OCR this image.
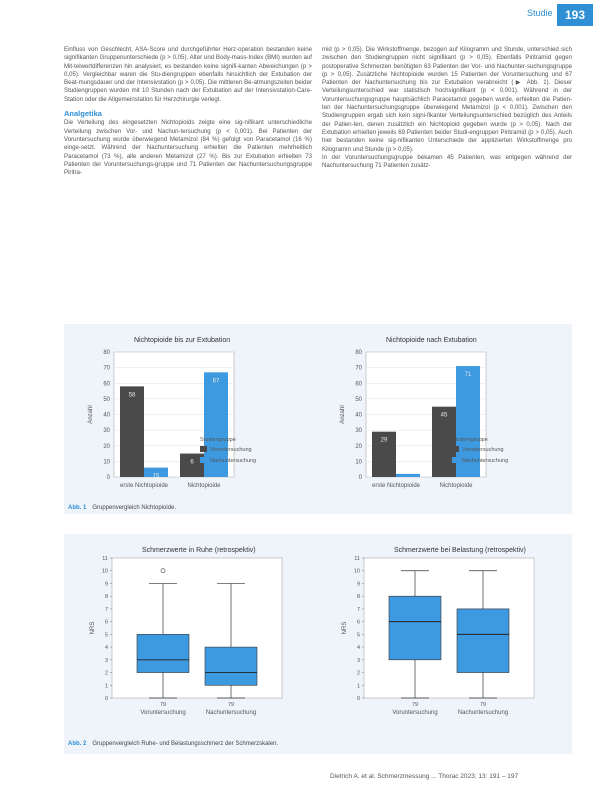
Studie	193

Einfluss von Geschlecht, ASA-Score und durchgeführter Herz-operation bestanden keine signifikanten Gruppenunterschiede (p > 0,05). Alter und Body-mass-Index (BMI) wurden auf Mit-telwertdifferenzen hin analysiert, es bestanden keine signifi-kanten Abweichungen (p > 0,05). Vergleichbar waren die Stu-diengruppen ebenfalls hinsichtlich der Extubation der Beat-mungsdauer und der Intensivstation (p > 0,05). Die mittleren Be-atmungszeiten beider Studiengruppen wurden mit 10 Stunden nach der Extubation auf der Intensivstation-Care-Station oder die Allgemeinstation für Herzchirurgie verlegt.

Analgetika

Die Verteilung des eingesetzten Nichtopioids zeigte eine sig-nifikant unterschiedliche Verteilung zwischen Vor- und Nachun-tersuchung (p < 0,001). Bei Patienten der Voruntersuchung wurde überwiegend Metamizol (84 %) gefolgt von Paracetamol (16 %) einge-setzt. Während der Nachuntersuchung erhielten die Patienten mehrheitlich Paracetamol (73 %), alle anderen Metamizol (27 %). Bis zur Extubation erhielten 73 Patienten der Voruntersuchungs-gruppe und 71 Patienten der Nachuntersuchungsgruppe Piritra-

mid (p > 0,05). Die Wirkstoffmenge, bezogen auf Kilogramm und Stunde, unterschied sich zwischen den Studiengruppen nicht signifikant (p > 0,05). Ebenfalls Piritramid gegen postoperative Schmerzen benötigten 63 Patienten der Vor- und Nachunter-suchungsgruppe (p > 0,05). Zusätzliche Nichtopioide wurden 15 Patienten der Voruntersuchung und 67 Patienten der Nachuntersuchung bis zur Extubation verabreicht (▶ Abb. 1). Dieser Verteilungsunterschied war statistisch hochsignifikant (p < 0,001). Während in der Voruntersuchungsgruppe hauptsächlich Paracetamol gegeben wurde, erhielten die Patien-ten der Nachuntersuchungsgruppe überwiegend Metamizol (p < 0,001). Zwischen den Studiengruppen ergab sich kein signi-fikanter Verteilungsunterschied bezüglich des Anteils der Patien-ten, denen zusätzlich ein Nichtopioid gegeben wurde (p > 0,05). Nach der Extubation erhielten jeweils 69 Patienten beider Studi-engruppen Piritramid (p > 0,05). Auch hier bestanden keine sig-nifikanten Unterschiede der applizierten Wirkstoffmenge pro Kilogramm und Stunde (p > 0,05).

In der Voruntersuchungsgruppe bekamen 45 Patienten, was entgegen während der Nachuntersuchung 71 Patienten zusätz-

Nichtopioide bis zur Extubation
0
10
20
30
40
50
60
70
80
Anzahl
58
15
erste Nichtopioide
6
67
Nichtopioide
Studiengruppe
Voruntersuchung
Nachuntersuchung
Nichtopioide nach Extubation
0
10
20
30
40
50
60
70
80
Anzahl
29
erste Nichtopioide
45
71
Nichtopioide
Studiengruppe
Voruntersuchung
Nachuntersuchung
Abb. 1 Gruppenvergleich Nichtopioide.
Schmerzwerte in Ruhe (retrospektiv)
0
1
2
3
4
5
6
7
8
9
10
11
NRS
79
Voruntersuchung
79
Nachuntersuchung
Schmerzwerte bei Belastung (retrospektiv)
0
1
2
3
4
5
6
7
8
9
10
11
NRS
79
Voruntersuchung
79
Nachuntersuchung
Abb. 2 Gruppenvergleich Ruhe- und Belastungsschmerz der Schmerzskalen.
Dietrich A. et al. Schmerzmessung ... Thorac 2023; 13: 191 – 197
